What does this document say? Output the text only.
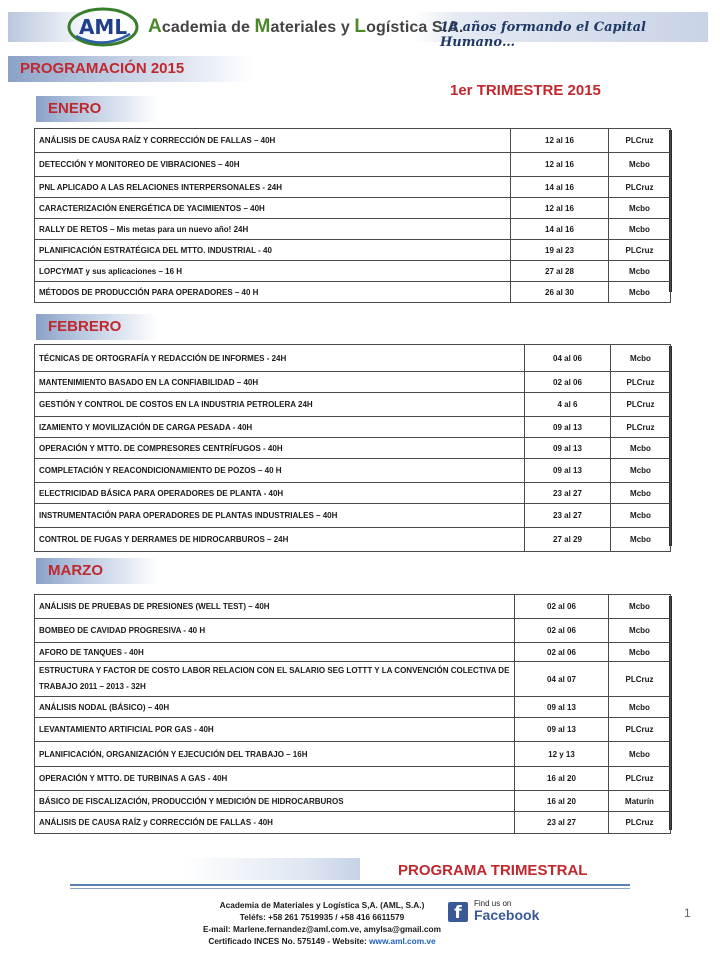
AML Academia de Materiales y Logística S.A.
18 años formando el Capital Humano…
PROGRAMACIÓN 2015
1er TRIMESTRE 2015
ENERO
ANÁLISIS DE CAUSA RAÍZ Y CORRECCIÓN DE FALLAS – 40H	12 al 16	PLCruz
DETECCIÓN Y MONITOREO DE VIBRACIONES – 40H	12 al 16	Mcbo
PNL APLICADO A LAS RELACIONES INTERPERSONALES - 24H	14 al 16	PLCruz
CARACTERIZACIÓN ENERGÉTICA DE YACIMIENTOS – 40H	12 al 16	Mcbo
RALLY DE RETOS – Mis metas para un nuevo año! 24H	14 al 16	Mcbo
PLANIFICACIÓN ESTRATÉGICA DEL MTTO. INDUSTRIAL - 40	19 al 23	PLCruz
LOPCYMAT y sus aplicaciones – 16 H	27 al 28	Mcbo
MÉTODOS DE PRODUCCIÓN PARA OPERADORES – 40 H	26 al 30	Mcbo
FEBRERO
TÉCNICAS DE ORTOGRAFÍA Y REDACCIÓN DE INFORMES - 24H	04 al 06	Mcbo
MANTENIMIENTO BASADO EN LA CONFIABILIDAD – 40H	02 al 06	PLCruz
GESTIÓN Y CONTROL DE COSTOS EN LA INDUSTRIA PETROLERA 24H	4 al 6	PLCruz
IZAMIENTO Y MOVILIZACIÓN DE CARGA PESADA - 40H	09 al 13	PLCruz
OPERACIÓN Y MTTO. DE COMPRESORES CENTRÍFUGOS - 40H	09 al 13	Mcbo
COMPLETACIÓN Y REACONDICIONAMIENTO DE POZOS – 40 H	09 al 13	Mcbo
ELECTRICIDAD BÁSICA PARA OPERADORES DE PLANTA - 40H	23 al 27	Mcbo
INSTRUMENTACIÓN PARA OPERADORES DE PLANTAS INDUSTRIALES – 40H	23 al 27	Mcbo
CONTROL DE FUGAS Y DERRAMES DE HIDROCARBUROS – 24H	27 al 29	Mcbo
MARZO
ANÁLISIS DE PRUEBAS DE PRESIONES (WELL TEST) – 40H	02 al 06	Mcbo
BOMBEO DE CAVIDAD PROGRESIVA - 40 H	02 al 06	Mcbo
AFORO DE TANQUES - 40H	02 al 06	Mcbo
ESTRUCTURA Y FACTOR DE COSTO LABOR RELACION CON EL SALARIO SEG LOTTT Y LA CONVENCIÓN COLECTIVA DE TRABAJO 2011 – 2013 - 32H	04 al 07	PLCruz
ANÁLISIS NODAL (BÁSICO) – 40H	09 al 13	Mcbo
LEVANTAMIENTO ARTIFICIAL POR GAS - 40H	09 al 13	PLCruz
PLANIFICACIÓN, ORGANIZACIÓN Y EJECUCIÓN DEL TRABAJO – 16H	12 y 13	Mcbo
OPERACIÓN Y MTTO. DE TURBINAS A GAS - 40H	16 al 20	PLCruz
BÁSICO DE FISCALIZACIÓN, PRODUCCIÓN Y MEDICIÓN DE HIDROCARBUROS	16 al 20	Maturín
ANÁLISIS DE CAUSA RAÍZ y CORRECCIÓN DE FALLAS - 40H	23 al 27	PLCruz
PROGRAMA TRIMESTRAL
Academia de Materiales y Logística S,A. (AML, S.A.)
Teléfs: +58 261 7519935 / +58 416 6611579
E-mail: Marlene.fernandez@aml.com.ve, amylsa@gmail.com
Certificado INCES No. 575149 - Website: www.aml.com.ve
f	Find us on
Facebook	1
